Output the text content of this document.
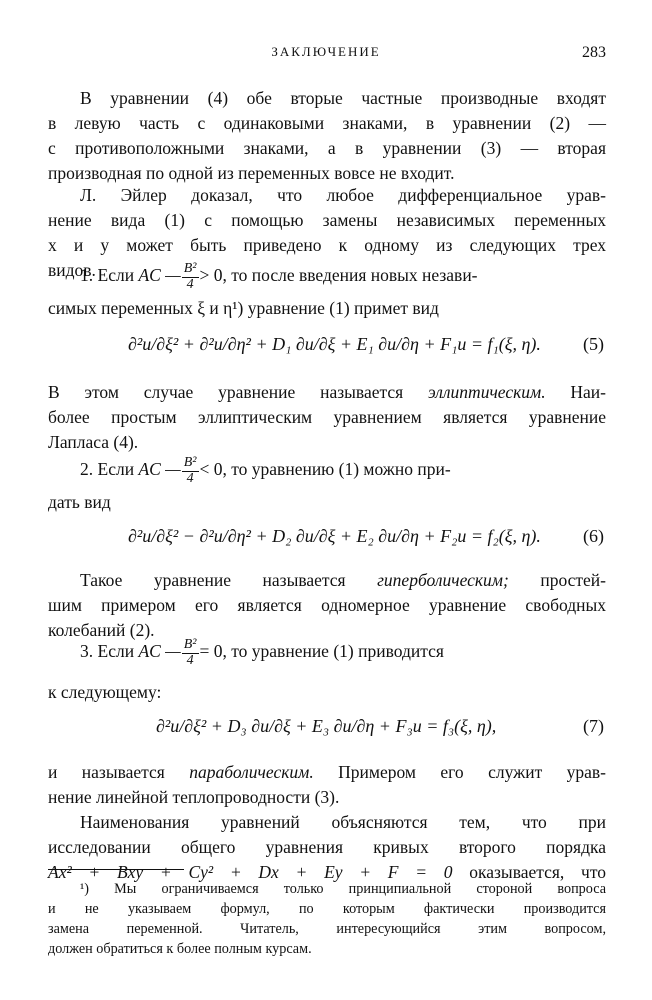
ЗАКЛЮЧЕНИЕ	283
В уравнении (4) обе вторые частные производные входят
в левую часть с одинаковыми знаками, в уравнении (2) —
с противоположными знаками, а в уравнении (3) — вторая
производная по одной из переменных вовсе не входит.
Л. Эйлер доказал, что любое дифференциальное урав-
нение вида (1) с помощью замены независимых переменных
x и y может быть приведено к одному из следующих трех
видов.
1. Если AC — $\frac{\text{B²}}{4} > 0$, то после введения новых незави-
симых переменных ξ и η¹) уравнение (1) примет вид
∂²u/∂ξ² + ∂²u/∂η² + D₁ ∂u/∂ξ + E₁ ∂u/∂η + F₁u = f₁(ξ, η). (5)
В этом случае уравнение называется эллиптическим. Наи-
более простым эллиптическим уравнением является уравнение
Лапласа (4).
2. Если AC — $\frac{\text{B²}}{4} < 0$, то уравнению (1) можно при-
дать вид
∂²u/∂ξ² − ∂²u/∂η² + D₂ ∂u/∂ξ + E₂ ∂u/∂η + F₂u = f₂(ξ, η). (6)
Такое уравнение называется гиперболическим; простей-
шим примером его является одномерное уравнение свободных
колебаний (2).
3. Если AC — $\frac{\text{B²}}{4} = 0$, то уравнение (1) приводится
к следующему:
∂²u/∂ξ² + D₃ ∂u/∂ξ + E₃ ∂u/∂η + F₃u = f₃(ξ, η),	(7)
и называется параболическим. Примером его служит урав-
нение линейной теплопроводности (3).
Наименования уравнений объясняются тем, что при
исследовании общего уравнения кривых второго порядка
Ax² + Bxy + Cy² + Dx + Ey + F = 0 оказывается, что
¹) Мы ограничиваемся только принципиальной стороной вопроса
и не указываем формул, по которым фактически производится
замена переменной. Читатель, интересующийся этим вопросом,
должен обратиться к более полным курсам.
